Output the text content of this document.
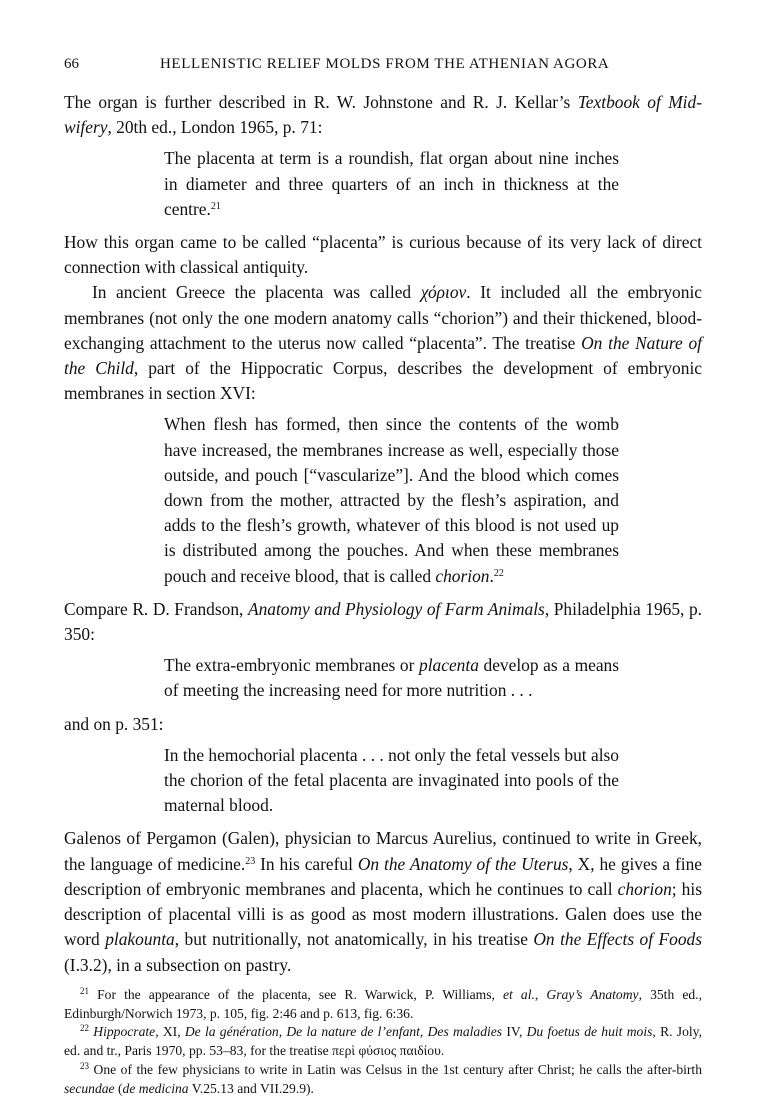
66	HELLENISTIC RELIEF MOLDS FROM THE ATHENIAN AGORA

The organ is further described in R. W. Johnstone and R. J. Kellar’s Textbook of Mid-wifery, 20th ed., London 1965, p. 71:

The placenta at term is a roundish, flat organ about nine inches in diameter and three quarters of an inch in thickness at the centre.$^{21}$

How this organ came to be called “placenta” is curious because of its very lack of direct connection with classical antiquity.

In ancient Greece the placenta was called χόριον. It included all the embryonic membranes (not only the one modern anatomy calls “chorion”) and their thickened, blood-exchanging attachment to the uterus now called “placenta”. The treatise On the Nature of the Child, part of the Hippocratic Corpus, describes the development of embryonic membranes in section XVI:

When flesh has formed, then since the contents of the womb have increased, the membranes increase as well, especially those outside, and pouch [“vascularize”]. And the blood which comes down from the mother, attracted by the flesh’s aspiration, and adds to the flesh’s growth, whatever of this blood is not used up is distributed among the pouches. And when these membranes pouch and receive blood, that is called chorion.$^{22}$

Compare R. D. Frandson, Anatomy and Physiology of Farm Animals, Philadelphia 1965, p. 350:

The extra-embryonic membranes or placenta develop as a means of meeting the increasing need for more nutrition . . .

and on p. 351:

In the hemochorial placenta . . . not only the fetal vessels but also the chorion of the fetal placenta are invaginated into pools of the maternal blood.

Galenos of Pergamon (Galen), physician to Marcus Aurelius, continued to write in Greek, the language of medicine.$^{23}$ In his careful On the Anatomy of the Uterus, X, he gives a fine description of embryonic membranes and placenta, which he continues to call chorion; his description of placental villi is as good as most modern illustrations. Galen does use the word plakounta, but nutritionally, not anatomically, in his treatise On the Effects of Foods (I.3.2), in a subsection on pastry.

$^{21}$ For the appearance of the placenta, see R. Warwick, P. Williams, et al., Gray’s Anatomy, 35th ed., Edinburgh/Norwich 1973, p. 105, fig. 2:46 and p. 613, fig. 6:36.

$^{22}$ Hippocrate, XI, De la génération, De la nature de l’enfant, Des maladies IV, Du foetus de huit mois, R. Joly, ed. and tr., Paris 1970, pp. 53–83, for the treatise περὶ φύσιος παιδίου.

$^{23}$ One of the few physicians to write in Latin was Celsus in the 1st century after Christ; he calls the after-birth secundae (de medicina V.25.13 and VII.29.9).
